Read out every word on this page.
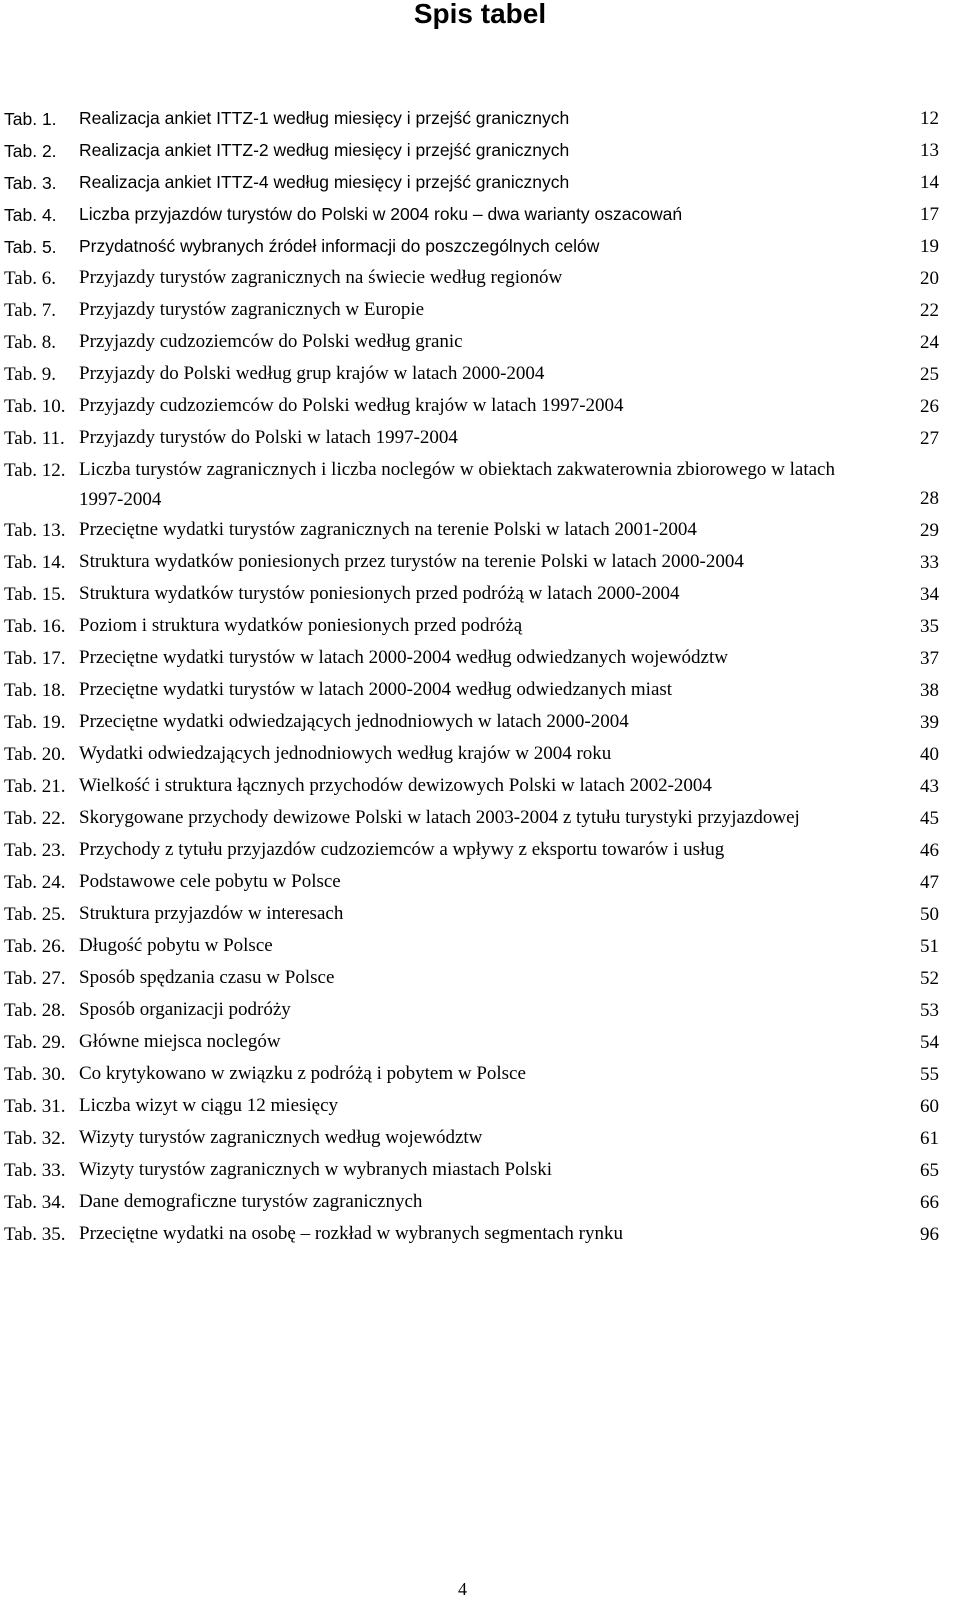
Spis tabel
Tab. 1. Realizacja ankiet ITTZ-1 według miesięcy i przejść granicznych	12
Tab. 2. Realizacja ankiet ITTZ-2 według miesięcy i przejść granicznych	13
Tab. 3. Realizacja ankiet ITTZ-4 według miesięcy i przejść granicznych	14
Tab. 4. Liczba przyjazdów turystów do Polski w 2004 roku – dwa warianty oszacowań	17
Tab. 5. Przydatność wybranych źródeł informacji do poszczególnych celów	19
Tab. 6. Przyjazdy turystów zagranicznych na świecie według regionów	20
Tab. 7. Przyjazdy turystów zagranicznych w Europie	22
Tab. 8. Przyjazdy cudzoziemców do Polski według granic	24
Tab. 9. Przyjazdy do Polski według grup krajów w latach 2000-2004	25
Tab. 10. Przyjazdy cudzoziemców do Polski według krajów w latach 1997-2004	26
Tab. 11. Przyjazdy turystów do Polski w latach 1997-2004	27
Tab. 12. Liczba turystów zagranicznych i liczba noclegów w obiektach zakwaterownia zbiorowego w latach 1997-2004	28
Tab. 13. Przeciętne wydatki turystów zagranicznych na terenie Polski w latach 2001-2004	29
Tab. 14. Struktura wydatków poniesionych przez turystów na terenie Polski w latach 2000-2004	33
Tab. 15. Struktura wydatków turystów poniesionych przed podróżą w latach 2000-2004	34
Tab. 16. Poziom i struktura wydatków poniesionych przed podróżą	35
Tab. 17. Przeciętne wydatki turystów w latach 2000-2004 według odwiedzanych województw	37
Tab. 18. Przeciętne wydatki turystów w latach 2000-2004 według odwiedzanych miast	38
Tab. 19. Przeciętne wydatki odwiedzających jednodniowych w latach 2000-2004	39
Tab. 20. Wydatki odwiedzających jednodniowych według krajów w 2004 roku	40
Tab. 21. Wielkość i struktura łącznych przychodów dewizowych Polski w latach 2002-2004	43
Tab. 22. Skorygowane przychody dewizowe Polski w latach 2003-2004 z tytułu turystyki przyjazdowej	45
Tab. 23. Przychody z tytułu przyjazdów cudzoziemców a wpływy z eksportu towarów i usług	46
Tab. 24. Podstawowe cele pobytu w Polsce	47
Tab. 25. Struktura przyjazdów w interesach	50
Tab. 26. Długość pobytu w Polsce	51
Tab. 27. Sposób spędzania czasu w Polsce	52
Tab. 28. Sposób organizacji podróży	53
Tab. 29. Główne miejsca noclegów	54
Tab. 30. Co krytykowano w związku z podróżą i pobytem w Polsce	55
Tab. 31. Liczba wizyt w ciągu 12 miesięcy	60
Tab. 32. Wizyty turystów zagranicznych według województw	61
Tab. 33. Wizyty turystów zagranicznych w wybranych miastach Polski	65
Tab. 34. Dane demograficzne turystów zagranicznych	66
Tab. 35. Przeciętne wydatki na osobę – rozkład w wybranych segmentach rynku	96
4
